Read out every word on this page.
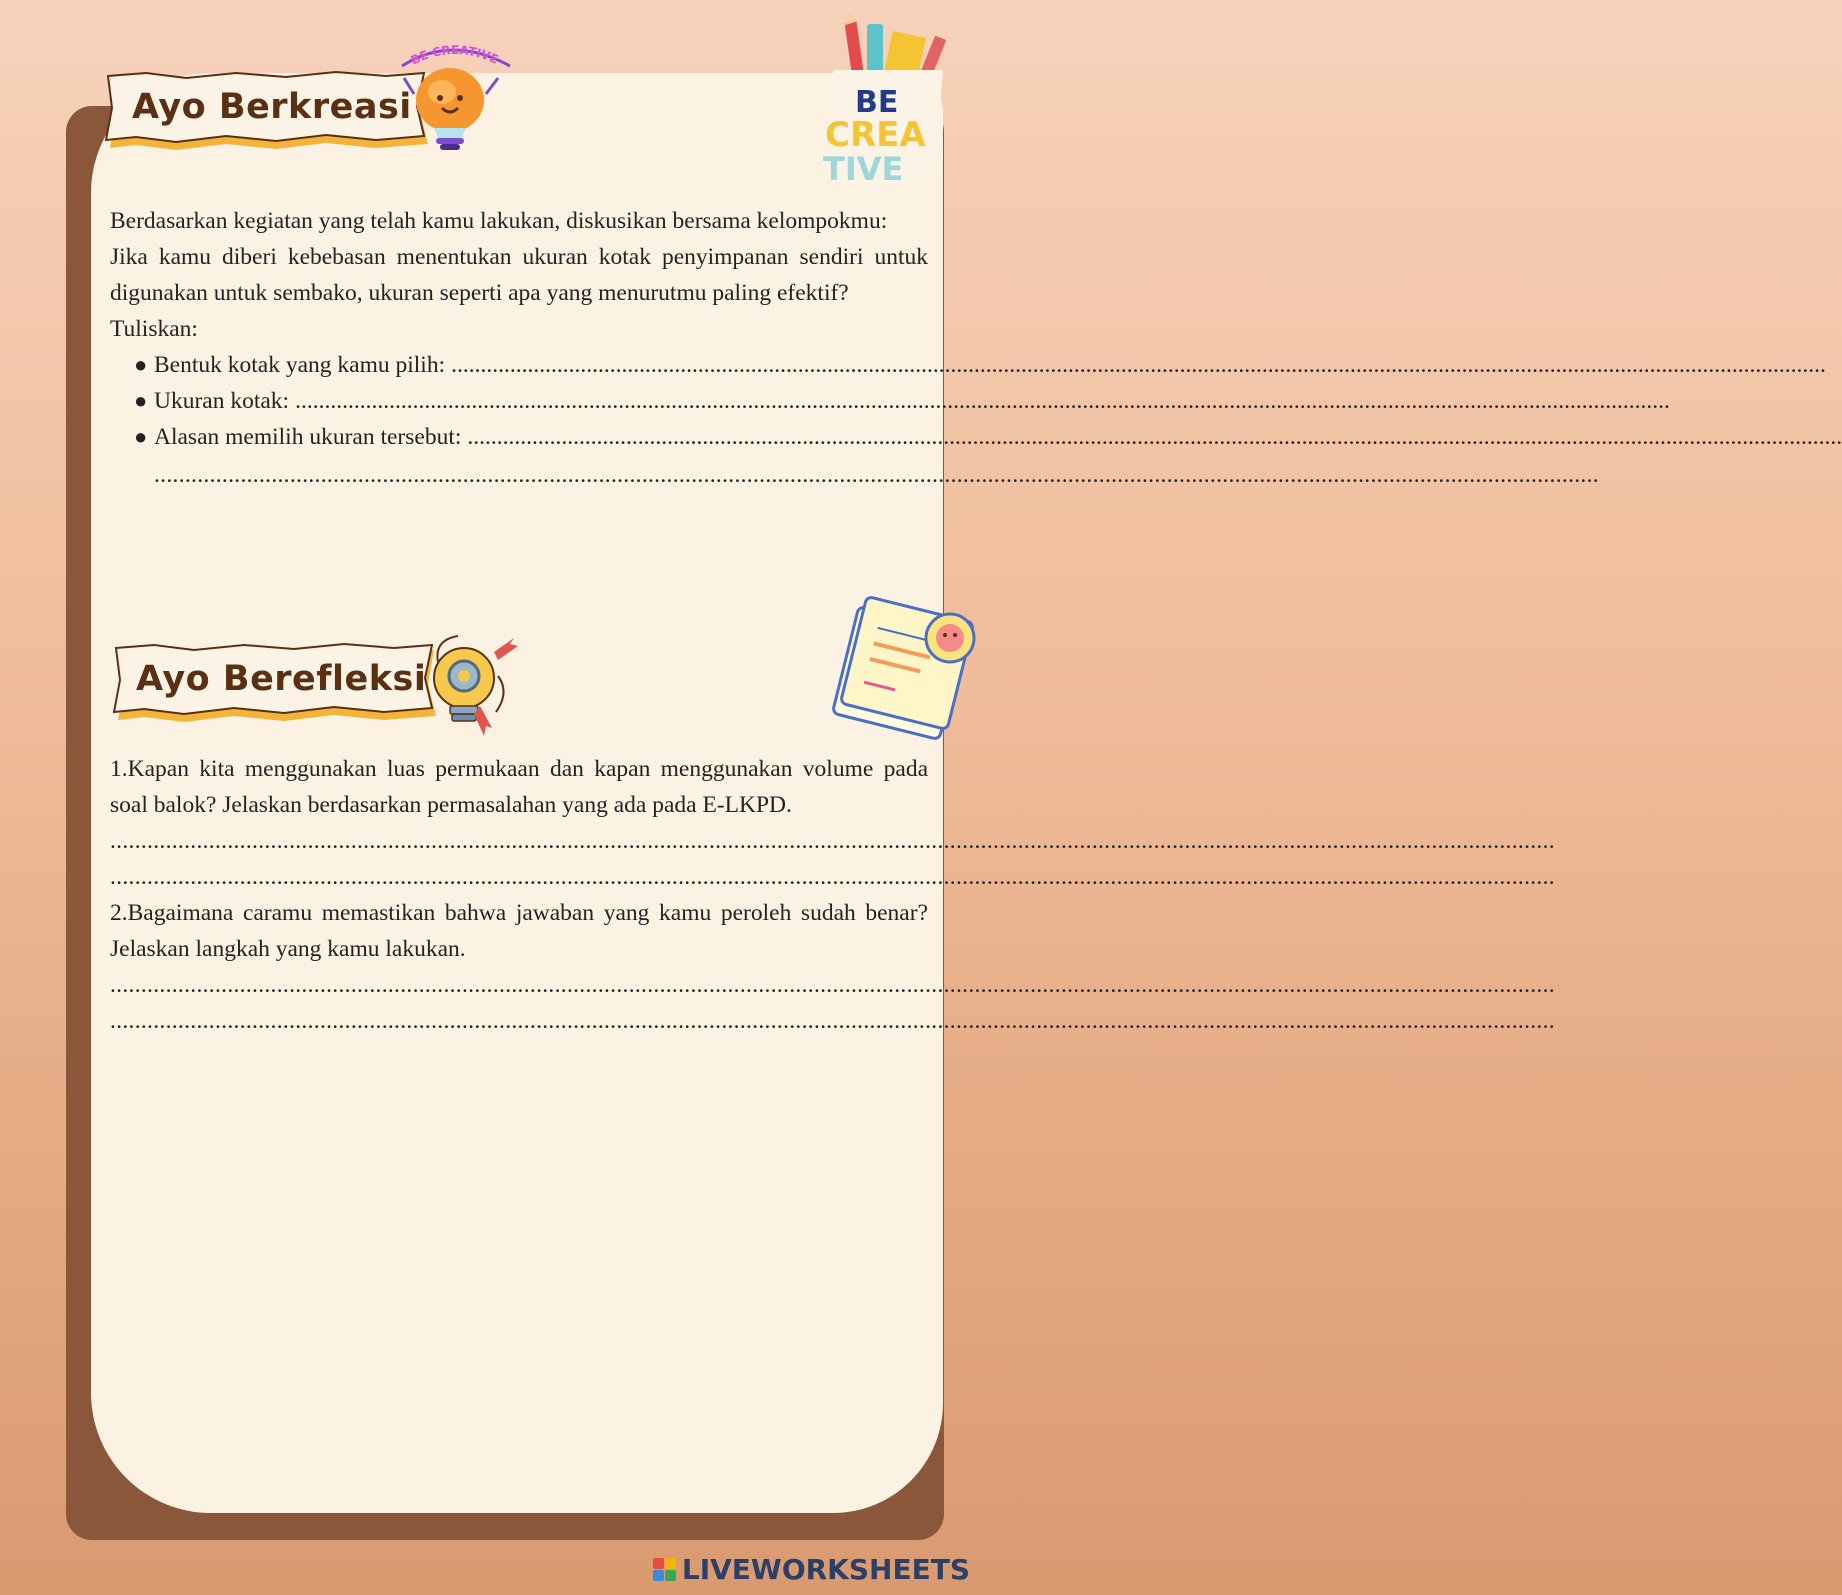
Ayo Berkreasi
BE CREATIVE
BE
CREA
TIVE

Berdasarkan kegiatan yang telah kamu lakukan, diskusikan bersama kelompokmu:

Jika kamu diberi kebebasan menentukan ukuran kotak penyimpanan sendiri untuk digunakan untuk sembako, ukuran seperti apa yang menurutmu paling efektif?

Tuliskan:

● Bentuk kotak yang kamu pilih: ..........................................................................................................................................................................................................................................
● Ukuran kotak: ..........................................................................................................................................................................................................................................
● Alasan memilih ukuran tersebut: ..........................................................................................................................................................................................................................................
..........................................................................................................................................................................................................................................
Ayo Berefleksi

1.Kapan kita menggunakan luas permukaan dan kapan menggunakan volume pada soal balok? Jelaskan berdasarkan permasalahan yang ada pada E-LKPD.

..........................................................................................................................................................................................................................................
..........................................................................................................................................................................................................................................

2.Bagaimana caramu memastikan bahwa jawaban yang kamu peroleh sudah benar?Jelaskan langkah yang kamu lakukan.

..........................................................................................................................................................................................................................................
..........................................................................................................................................................................................................................................
LIVEWORKSHEETS
